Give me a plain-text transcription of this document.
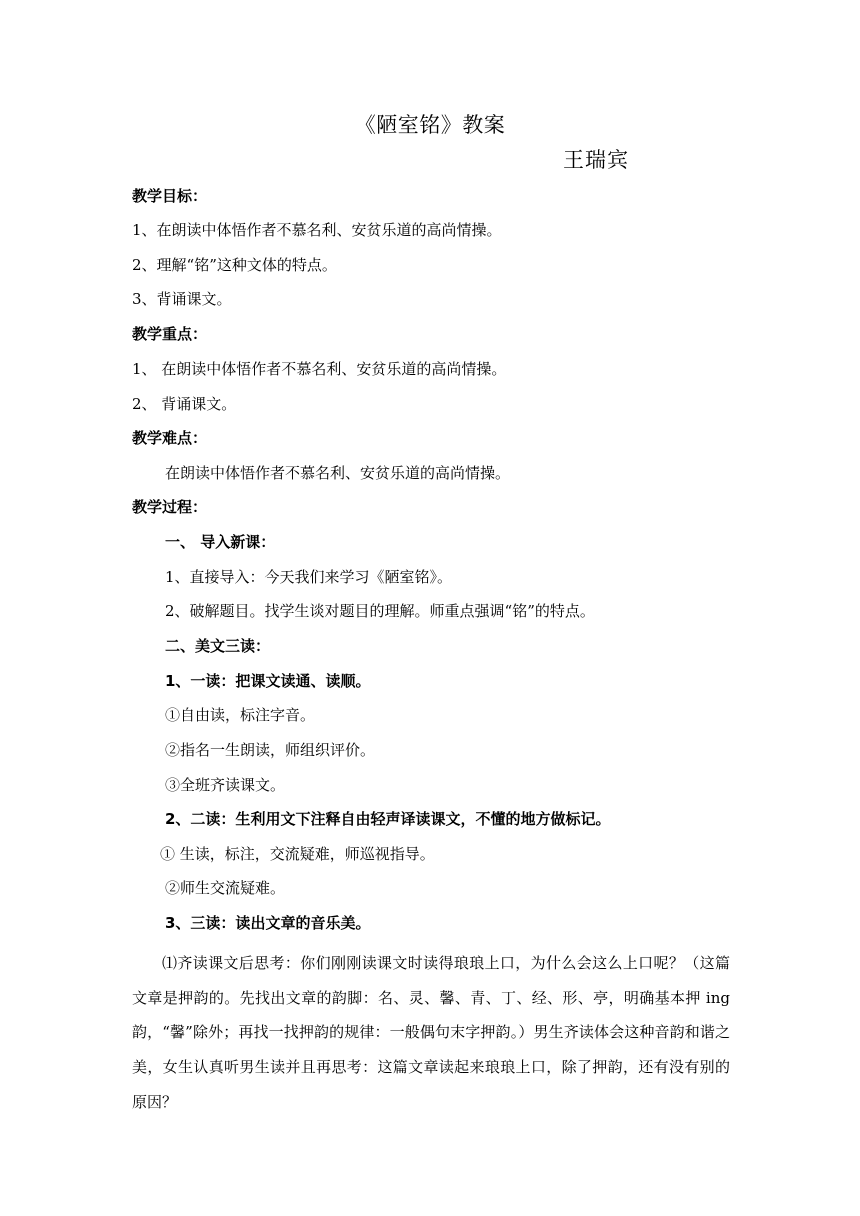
《陋室铭》教案
王瑞宾
教学目标：
1、在朗读中体悟作者不慕名利、安贫乐道的高尚情操。
2、理解“铭”这种文体的特点。
3、背诵课文。
教学重点：
1、 在朗读中体悟作者不慕名利、安贫乐道的高尚情操。
2、 背诵课文。
教学难点：
在朗读中体悟作者不慕名利、安贫乐道的高尚情操。
教学过程：
一、 导入新课：
1、直接导入：今天我们来学习《陋室铭》。
2、破解题目。找学生谈对题目的理解。师重点强调“铭”的特点。
二、美文三读：
1、一读：把课文读通、读顺。
①自由读，标注字音。
②指名一生朗读，师组织评价。
③全班齐读课文。
2、二读：生利用文下注释自由轻声译读课文，不懂的地方做标记。
① 生读，标注，交流疑难，师巡视指导。
②师生交流疑难。
3、三读：读出文章的音乐美。
⑴齐读课文后思考：你们刚刚读课文时读得琅琅上口，为什么会这么上口呢？（这篇文章是押韵的。先找出文章的韵脚：名、灵、馨、青、丁、经、形、亭，明确基本押 ing 韵，“馨”除外；再找一找押韵的规律：一般偶句末字押韵。）男生齐读体会这种音韵和谐之美，女生认真听男生读并且再思考：这篇文章读起来琅琅上口，除了押韵，还有没有别的原因？
